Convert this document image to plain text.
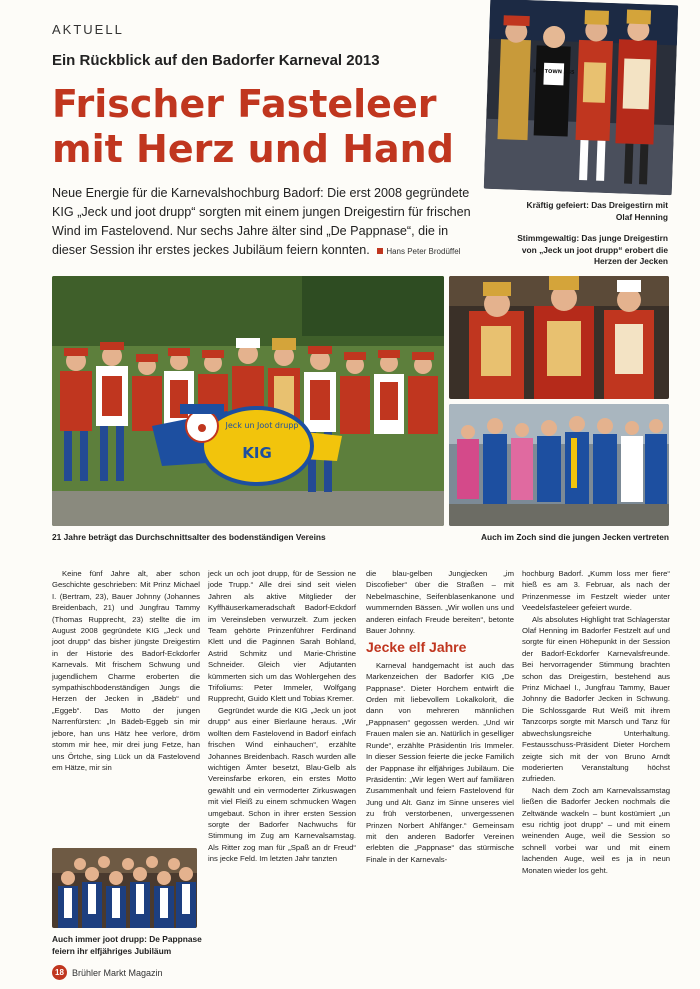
AKTUELL
Ein Rückblick auf den Badorfer Karneval 2013
Frischer Fasteleer
mit Herz und Hand
Neue Energie für die Karnevalshochburg Badorf: Die erst 2008 gegründete KIG „Jeck und joot drupp“ sorgten mit einem jungen Dreigestirn für frischen Wind im Fastelovend. Nur sechs Jahre älter sind „De Pappnase“, die in dieser Session ihr erstes jeckes Jubiläum feiern konnten. Hans Peter Brodüffel
ICH TOWN ASS
Kräftig gefeiert: Das Dreigestirn mit Olaf Henning
Stimmgewaltig: Das junge Dreigestirn von „Jeck un joot drupp“ erobert die Herzen der Jecken
Jeck un Joot drupp
KIG
21 Jahre beträgt das Durchschnittsalter des bodenständigen Vereins	Auch im Zoch sind die jungen Jecken vertreten

Keine fünf Jahre alt, aber schon Geschichte geschrieben: Mit Prinz Michael I. (Bertram, 23), Bauer Johnny (Johannes Breidenbach, 21) und Jungfrau Tammy (Thomas Rupprecht, 23) stellte die im August 2008 gegründete KIG „Jeck und joot drupp“ das bisher jüngste Dreigestirn in der Historie des Badorf-Eckdorfer Karnevals. Mit frischem Schwung und jugendlichem Charme eroberten die sympathischbodenständigen Jungs die Herzen der Jecken in „Bädeb“ und „Eggeb“. Das Motto der jungen Narrenfürsten: „In Bädeb-Eggeb sin mir jebore, han uns Hätz hee verlore, dröm stomm mir hee, mir drei jung Fetze, han uns Örtche, sing Lück un dä Fastelovend em Hätze, mir sin

Auch immer joot drupp: De Pappnase feiern ihr elfjähriges Jubiläum

jeck un och joot drupp, für de Session ne jode Trupp.“ Alle drei sind seit vielen Jahren als aktive Mitglieder der Kyffhäuserkameradschaft Badorf-Eckdorf im Vereinsleben verwurzelt. Zum jecken Team gehörte Prinzenführer Ferdinand Klett und die Paginnen Sarah Bohland, Astrid Schmitz und Marie-Christine Schneider. Gleich vier Adjutanten kümmerten sich um das Wohlergehen des Trifoliums: Peter Immeler, Wolfgang Rupprecht, Guido Klett und Tobias Kremer.

Gegründet wurde die KIG „Jeck un joot drupp“ aus einer Bierlaune heraus. „Wir wollten dem Fastelovend in Badorf einfach frischen Wind einhauchen“, erzählte Johannes Breidenbach. Rasch wurden alle wichtigen Ämter besetzt, Blau-Gelb als Vereinsfarbe erkoren, ein erstes Motto gewählt und ein vermoderter Zirkuswagen mit viel Fleiß zu einem schmucken Wagen umgebaut. Schon in ihrer ersten Session sorgte der Badorfer Nachwuchs für Stimmung im Zug am Karnevalsamstag. Als Ritter zog man für „Spaß an dr Freud“ ins jecke Feld. Im letzten Jahr tanzten

die blau-gelben Jungjecken „im Discofieber“ über die Straßen – mit Nebelmaschine, Seifenblasenkanone und wummernden Bässen. „Wir wollen uns und anderen einfach Freude bereiten“, betonte Bauer Johnny.

Jecke elf Jahre

Karneval handgemacht ist auch das Markenzeichen der Badorfer KIG „De Pappnase“. Dieter Horchem entwirft die Orden mit liebevollem Lokalkolorit, die dann von mehreren männlichen „Pappnasen“ gegossen werden. „Und wir Frauen malen sie an. Natürlich in geselliger Runde“, erzählte Präsidentin Iris Immeler. In dieser Session feierte die jecke Familich der Pappnase ihr elfjähriges Jubiläum. Die Präsidentin: „Wir legen Wert auf familiären Zusammenhalt und feiern Fastelovend für Jung und Alt. Ganz im Sinne unseres viel zu früh verstorbenen, unvergessenen Prinzen Norbert Ahlfänger.“ Gemeinsam mit den anderen Badorfer Vereinen erlebten die „Pappnase“ das stürmische Finale in der Karnevals-

hochburg Badorf. „Kumm loss mer fiere“ hieß es am 3. Februar, als nach der Prinzenmesse im Festzelt wieder unter Veedelsfasteleer gefeiert wurde.

Als absolutes Highlight trat Schlagerstar Olaf Henning im Badorfer Festzelt auf und sorgte für einen Höhepunkt in der Session der Badorf-Eckdorfer Karnevalsfreunde. Bei hervorragender Stimmung brachten schon das Dreigestirn, bestehend aus Prinz Michael I., Jungfrau Tammy, Bauer Johnny die Badorfer Jecken in Schwung. Die Schlossgarde Rut Weiß mit ihrem Tanzcorps sorgte mit Marsch und Tanz für abwechslungsreiche Unterhaltung. Festausschuss-Präsident Dieter Horchem zeigte sich mit der von Bruno Arndt moderierten Veranstaltung höchst zufrieden.

Nach dem Zoch am Karnevalssamstag ließen die Badorfer Jecken nochmals die Zeltwände wackeln – bunt kostümiert „un esu richtig joot drupp“ – und mit einem weinenden Auge, weil die Session so schnell vorbei war und mit einem lachenden Auge, weil es ja in neun Monaten wieder los geht.

18 Brühler Markt Magazin
